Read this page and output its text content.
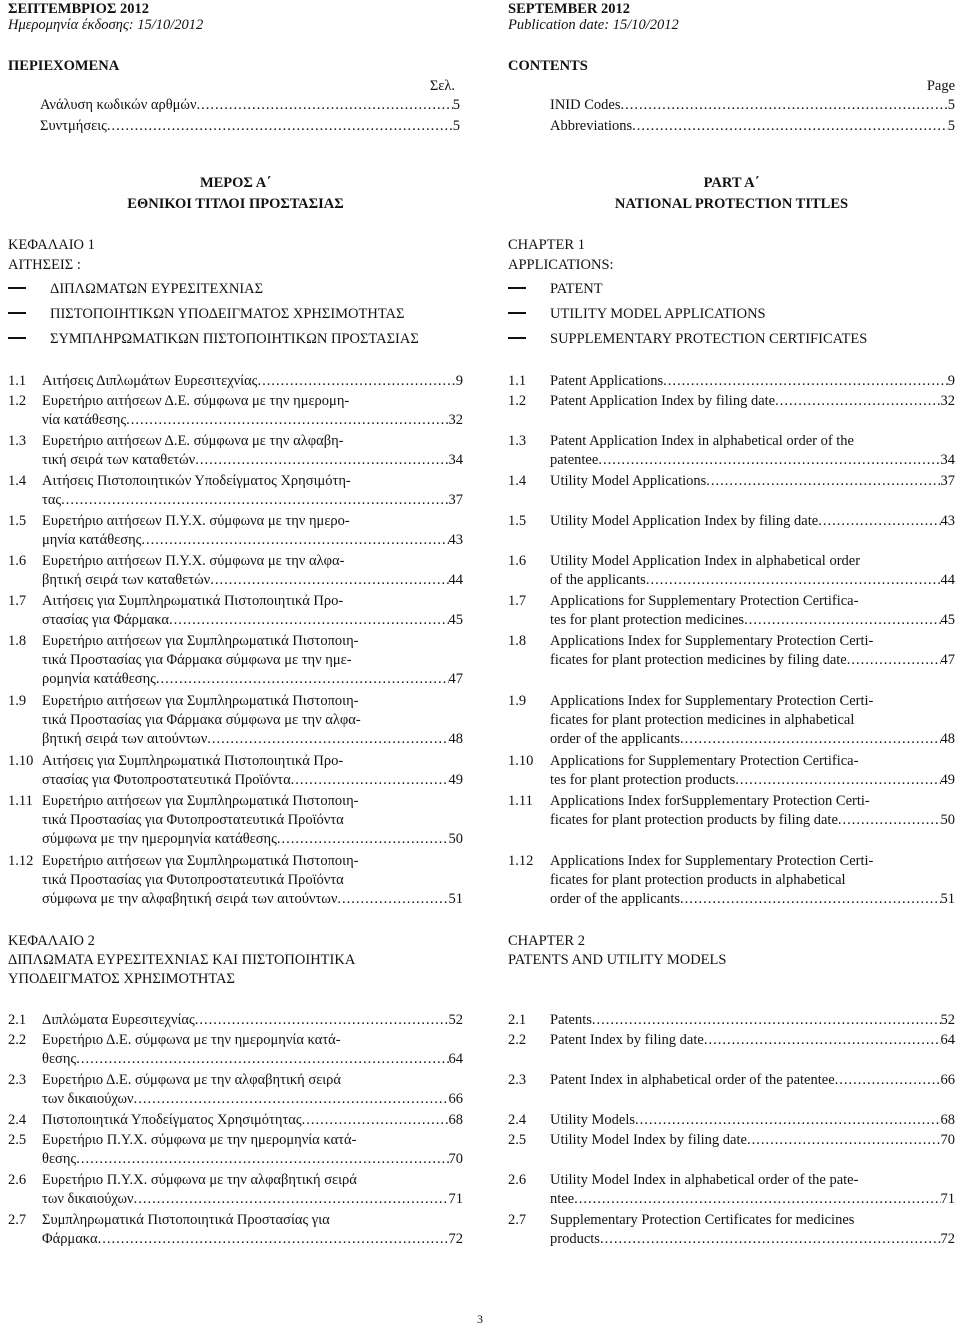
ΣΕΠΤΕΜΒΡΙΟΣ 2012
Ημερομηνία έκδοσης: 15/10/2012
ΠΕΡΙΕΧΟΜΕΝΑ
Σελ.
Ανάλυση κωδικών αρθμών .....	5
Συντμήσεις .....	5
ΜΕΡΟΣ Α΄
ΕΘΝΙΚΟΙ ΤΙΤΛΟΙ ΠΡΟΣΤΑΣΙΑΣ
ΚΕΦΑΛΑΙΟ 1
ΑΙΤΗΣΕΙΣ :
ΔΙΠΛΩΜΑΤΩΝ ΕΥΡΕΣΙΤΕΧΝΙΑΣ
ΠΙΣΤΟΠΟΙΗΤΙΚΩΝ ΥΠΟΔΕΙΓΜΑΤΟΣ ΧΡΗΣΙΜΟΤΗΤΑΣ
ΣΥΜΠΛΗΡΩΜΑΤΙΚΩΝ ΠΙΣΤΟΠΟΙΗΤΙΚΩΝ ΠΡΟΣΤΑΣΙΑΣ
1.1 Αιτήσεις Διπλωμάτων Ευρεσιτεχνίας .....	9
1.2 Ευρετήριο αιτήσεων Δ.Ε. σύμφωνα με την ημερομη-
νία κατάθεσης .....	32
1.3 Ευρετήριο αιτήσεων Δ.Ε. σύμφωνα με την αλφαβη-
τική σειρά των καταθετών .....	34
1.4 Αιτήσεις Πιστοποιητικών Υποδείγματος Χρησιμότη-
τας .....	37
1.5 Ευρετήριο αιτήσεων Π.Υ.Χ. σύμφωνα με την ημερο-
μηνία κατάθεσης .....	43
1.6 Ευρετήριο αιτήσεων Π.Υ.Χ. σύμφωνα με την αλφα-
βητική σειρά των καταθετών .....	44
1.7 Αιτήσεις για Συμπληρωματικά Πιστοποιητικά Προ-
στασίας για Φάρμακα .....	45
1.8 Ευρετήριο αιτήσεων για Συμπληρωματικά Πιστοποιη-
τικά Προστασίας για Φάρμακα σύμφωνα με την ημε-
ρομηνία κατάθεσης .....	47
1.9 Ευρετήριο αιτήσεων για Συμπληρωματικά Πιστοποιη-
τικά Προστασίας για Φάρμακα σύμφωνα με την αλφα-
βητική σειρά των αιτούντων .....	48
1.10 Αιτήσεις για Συμπληρωματικά Πιστοποιητικά Προ-
στασίας για Φυτοπροστατευτικά Προϊόντα .....	49
1.11 Ευρετήριο αιτήσεων για Συμπληρωματικά Πιστοποιη-
τικά Προστασίας για Φυτοπροστατευτικά Προϊόντα
σύμφωνα με την ημερομηνία κατάθεσης .....	50
1.12 Ευρετήριο αιτήσεων για Συμπληρωματικά Πιστοποιη-
τικά Προστασίας για Φυτοπροστατευτικά Προϊόντα
σύμφωνα με την αλφαβητική σειρά των αιτούντων .....	51
ΚΕΦΑΛΑΙΟ 2
ΔΙΠΛΩΜΑΤΑ ΕΥΡΕΣΙΤΕΧΝΙΑΣ ΚΑΙ ΠΙΣΤΟΠΟΙΗΤΙΚΑ
ΥΠΟΔΕΙΓΜΑΤΟΣ ΧΡΗΣΙΜΟΤΗΤΑΣ
2.1 Διπλώματα Ευρεσιτεχνίας .....	52
2.2 Ευρετήριο Δ.Ε. σύμφωνα με την ημερομηνία κατά-
θεσης .....	64
2.3 Ευρετήριο Δ.Ε. σύμφωνα με την αλφαβητική σειρά
των δικαιούχων .....	66
2.4 Πιστοποιητικά Υποδείγματος Χρησιμότητας .....	68
2.5 Ευρετήριο Π.Υ.Χ. σύμφωνα με την ημερομηνία κατά-
θεσης .....	70
2.6 Ευρετήριο Π.Υ.Χ. σύμφωνα με την αλφαβητική σειρά
των δικαιούχων .....	71
2.7 Συμπληρωματικά Πιστοποιητικά Προστασίας για
Φάρμακα .....	72
SEPTEMBER 2012
Publication date: 15/10/2012
CONTENTS
Page
INID Codes .....	5
Abbreviations .....	5
PART A΄
NATIONAL PROTECTION TITLES
CHAPTER 1
APPLICATIONS:
PATENT
UTILITY MODEL APPLICATIONS
SUPPLEMENTARY PROTECTION CERTIFICATES
1.1 Patent Applications .....	9
1.2 Patent Application Index by filing date .....	32
1.3 Patent Application Index in alphabetical order of the
patentee .....	34
1.4 Utility Model Applications .....	37
1.5 Utility Model Application Index by filing date .....	43
1.6 Utility Model Application Index in alphabetical order
of the applicants .....	44
1.7 Applications for Supplementary Protection Certifica-
tes for plant protection medicines .....	45
1.8 Applications Index for Supplementary Protection Certi-
ficates for plant protection medicines by filing date .....	47
1.9 Applications Index for Supplementary Protection Certi-
ficates for plant protection medicines in alphabetical
order of the applicants .....	48
1.10 Applications for Supplementary Protection Certifica-
tes for plant protection products .....	49
1.11 Applications Index forSupplementary Protection Certi-
ficates for plant protection products by filing date .....	50
1.12 Applications Index for Supplementary Protection Certi-
ficates for plant protection products in alphabetical
order of the applicants .....	51
CHAPTER 2
PATENTS AND UTILITY MODELS
2.1 Patents .....	52
2.2 Patent Index by filing date .....	64
2.3 Patent Index in alphabetical order of the patentee .....	66
2.4 Utility Models .....	68
2.5 Utility Model Index by filing date .....	70
2.6 Utility Model Index in alphabetical order of the pate-
ntee .....	71
2.7 Supplementary Protection Certificates for medicines
products .....	72
3
